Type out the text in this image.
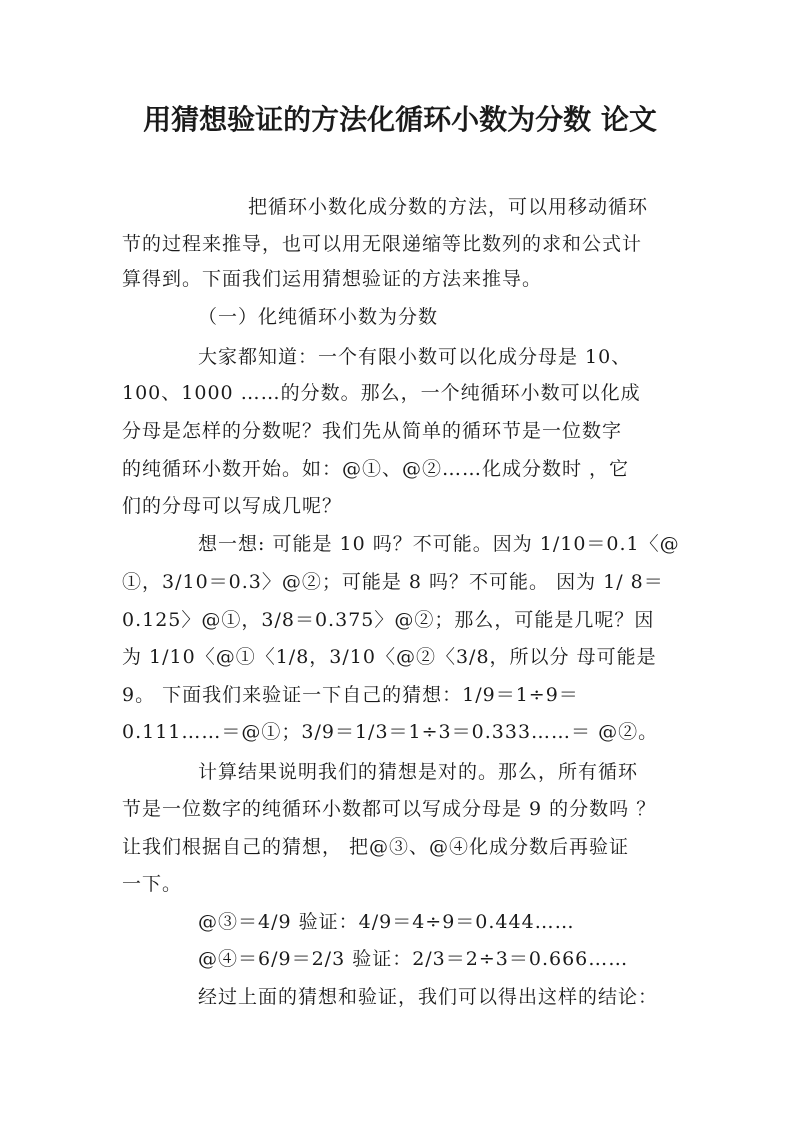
用猜想验证的方法化循环小数为分数 论文
把循环小数化成分数的方法，可以用移动循环
节的过程来推导，也可以用无限递缩等比数列的求和公式计
算得到。下面我们运用猜想验证的方法来推导。
（一）化纯循环小数为分数
大家都知道：一个有限小数可以化成分母是 10、
100、1000 ……的分数。那么，一个纯循环小数可以化成
分母是怎样的分数呢？我们先从简单的循环节是一位数字
的纯循环小数开始。如：@①、@②……化成分数时 ，它
们的分母可以写成几呢？
想一想: 可能是 10 吗？不可能。因为 1/10＝0.1〈@
①，3/10＝0.3〉@②；可能是 8 吗？不可能。 因为 1/ 8＝
0.125〉@①，3/8＝0.375〉@②；那么，可能是几呢？因
为 1/10〈@①〈1/8，3/10〈@②〈3/8，所以分 母可能是
9。 下面我们来验证一下自己的猜想：1/9＝1÷9＝
0.111……＝@①；3/9＝1/3＝1÷3＝0.333……＝ @②。
计算结果说明我们的猜想是对的。那么，所有循环
节是一位数字的纯循环小数都可以写成分母是 9 的分数吗 ？
让我们根据自己的猜想， 把@③、@④化成分数后再验证
一下。
@③＝4/9 验证：4/9＝4÷9＝0.444……
@④＝6/9＝2/3 验证：2/3＝2÷3＝0.666……
经过上面的猜想和验证，我们可以得出这样的结论：
